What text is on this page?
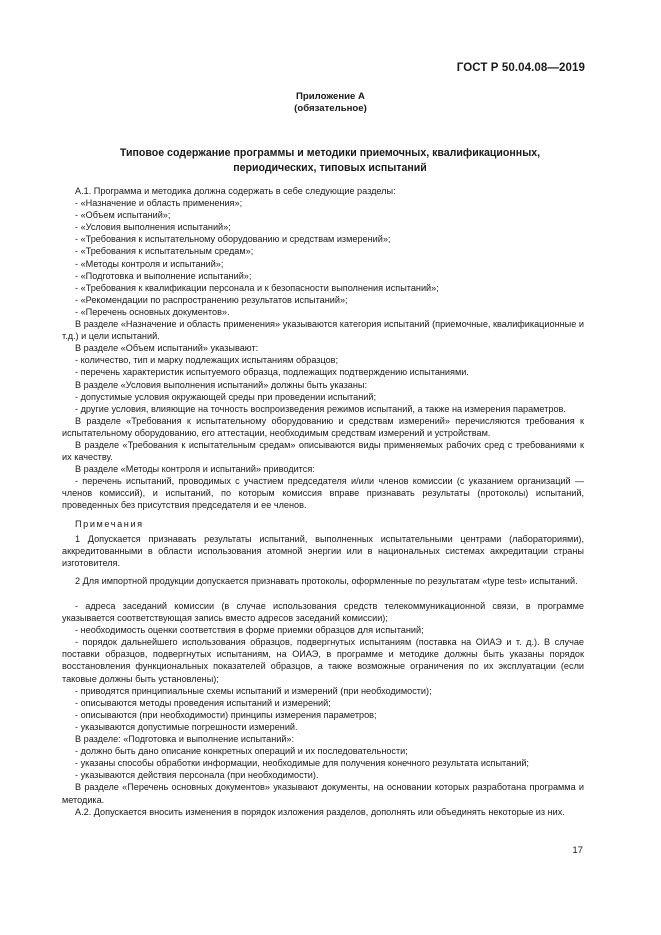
ГОСТ Р 50.04.08—2019
Приложение А
(обязательное)
Типовое содержание программы и методики приемочных, квалификационных,
периодических, типовых испытаний

А.1. Программа и методика должна содержать в себе следующие разделы:

- «Назначение и область применения»;

- «Объем испытаний»;

- «Условия выполнения испытаний»;

- «Требования к испытательному оборудованию и средствам измерений»;

- «Требования к испытательным средам»;

- «Методы контроля и испытаний»;

- «Подготовка и выполнение испытаний»;

- «Требования к квалификации персонала и к безопасности выполнения испытаний»;

- «Рекомендации по распространению результатов испытаний»;

- «Перечень основных документов».

В разделе «Назначение и область применения» указываются категория испытаний (приемочные, квалификационные и т.д.) и цели испытаний.

В разделе «Объем испытаний» указывают:

- количество, тип и марку подлежащих испытаниям образцов;

- перечень характеристик испытуемого образца, подлежащих подтверждению испытаниями.

В разделе «Условия выполнения испытаний» должны быть указаны:

- допустимые условия окружающей среды при проведении испытаний;

- другие условия, влияющие на точность воспроизведения режимов испытаний, а также на измерения параметров.

В разделе «Требования к испытательному оборудованию и средствам измерений» перечисляются требования к испытательному оборудованию, его аттестации, необходимым средствам измерений и устройствам.

В разделе «Требования к испытательным средам» описываются виды применяемых рабочих сред с требованиями к их качеству.

В разделе «Методы контроля и испытаний» приводится:

- перечень испытаний, проводимых с участием председателя и/или членов комиссии (с указанием организаций — членов комиссий), и испытаний, по которым комиссия вправе признавать результаты (протоколы) испытаний, проведенных без присутствия председателя и ее членов.

Примечания

1 Допускается признавать результаты испытаний, выполненных испытательными центрами (лабораториями), аккредитованными в области использования атомной энергии или в национальных системах аккредитации страны изготовителя.

2 Для импортной продукции допускается признавать протоколы, оформленные по результатам «type test» испытаний.

- адреса заседаний комиссии (в случае использования средств телекоммуникационной связи, в программе указывается соответствующая запись вместо адресов заседаний комиссии);

- необходимость оценки соответствия в форме приемки образцов для испытаний;

- порядок дальнейшего использования образцов, подвергнутых испытаниям (поставка на ОИАЭ и т. д.). В случае поставки образцов, подвергнутых испытаниям, на ОИАЭ, в программе и методике должны быть указаны порядок восстановления функциональных показателей образцов, а также возможные ограничения по их эксплуатации (если таковые должны быть установлены);

- приводятся принципиальные схемы испытаний и измерений (при необходимости);

- описываются методы проведения испытаний и измерений;

- описываются (при необходимости) принципы измерения параметров;

- указываются допустимые погрешности измерений.

В разделе: «Подготовка и выполнение испытаний»:

- должно быть дано описание конкретных операций и их последовательности;

- указаны способы обработки информации, необходимые для получения конечного результата испытаний;

- указываются действия персонала (при необходимости).

В разделе «Перечень основных документов» указывают документы, на основании которых разработана программа и методика.

А.2. Допускается вносить изменения в порядок изложения разделов, дополнять или объединять некоторые из них.

17
